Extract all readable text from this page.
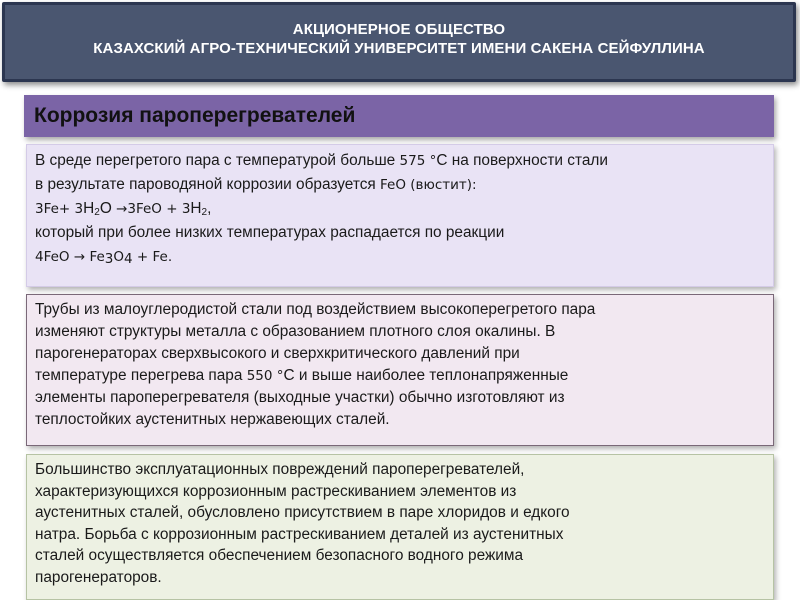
АКЦИОНЕРНОЕ ОБЩЕСТВО
КАЗАХСКИЙ АГРО-ТЕХНИЧЕСКИЙ УНИВЕРСИТЕТ ИМЕНИ САКЕНА СЕЙФУЛЛИНА
Коррозия пароперегревателей
В среде перегретого пара с температурой больше 575 °С на поверхности стали
в результате пароводяной коррозии образуется FeO (вюстит):
$3Fe+ 3H_2O \to 3FeO + 3H_2$,
который при более низких температурах распадается по реакции
$4FeO \to Fe_3O_4 + Fe$.
Трубы из малоуглеродистой стали под воздействием высокоперегретого пара
изменяют структуры металла с образованием плотного слоя окалины. В
парогенераторах сверхвысокого и сверхкритического давлений при
температуре перегрева пара 550 °С и выше наиболее теплонапряженные
элементы пароперегревателя (выходные участки) обычно изготовляют из
теплостойких аустенитных нержавеющих сталей.
Большинство эксплуатационных повреждений пароперегревателей,
характеризующихся коррозионным растрескиванием элементов из
аустенитных сталей, обусловлено присутствием в паре хлоридов и едкого
натра. Борьба с коррозионным растрескиванием деталей из аустенитных
сталей осуществляется обеспечением безопасного водного режима
парогенераторов.
